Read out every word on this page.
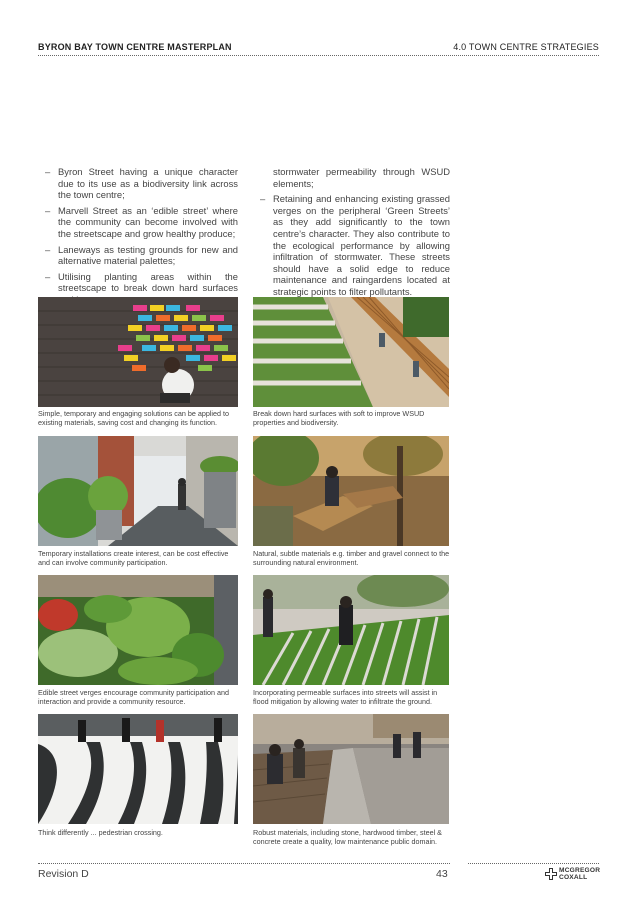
BYRON BAY TOWN CENTRE MASTERPLAN	4.0 TOWN CENTRE STRATEGIES
– Byron Street having a unique character due to its use as a biodiversity link across the town centre;
– Marvell Street as an ‘edible street’ where the community can become involved with the streetscape and grow healthy produce;
– Laneways as testing grounds for new and alternative material palettes;
– Utilising planting areas within the streetscape to break down hard surfaces
stormwater permeability through WSUD elements;
– Retaining and enhancing existing grassed verges on the peripheral ‘Green Streets’ as they add significantly to the town centre’s character. They also contribute to the ecological performance by allowing infiltration of stormwater. These streets should have a solid edge to reduce maintenance and raingardens located at strategic points to filter pollutants.
Simple, temporary and engaging solutions can be applied to existing materials, saving cost and changing its function.
Break down hard surfaces with soft to improve WSUD properties and biodiversity.
Temporary installations create interest, can be cost effective and can involve community participation.
Natural, subtle materials e.g. timber and gravel connect to the surrounding natural environment.
Edible street verges encourage community participation and interaction and provide a community resource.
Incorporating permeable surfaces into streets will assist in flood mitigation by allowing water to infiltrate the ground.
Think differently ... pedestrian crossing.	Robust materials, including stone, hardwood timber, steel & concrete create a quality, low maintenance public domain.
Revision D	43	MCGREGOR
COXALL
